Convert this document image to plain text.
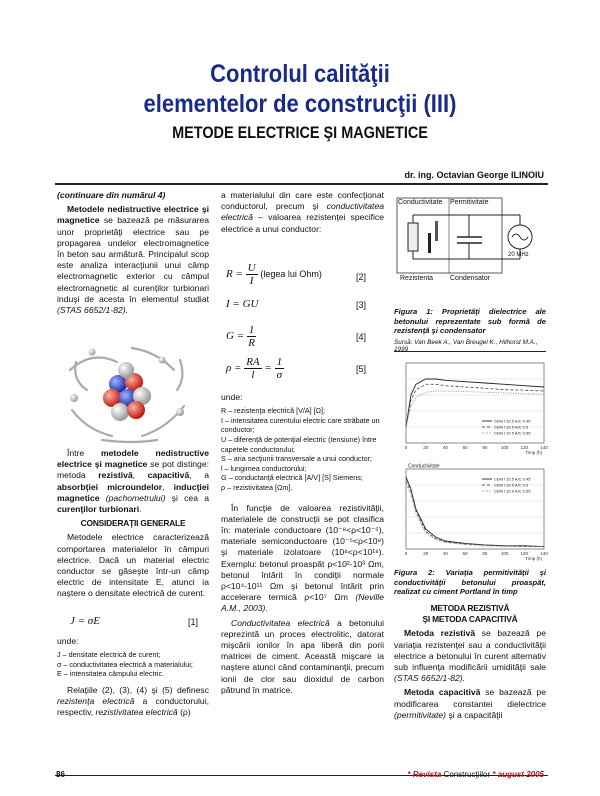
Controlul calităţii
elementelor de construcţii (III)
METODE ELECTRICE ŞI MAGNETICE
dr. ing. Octavian George ILINOIU

(continuare din numărul 4)

Metodele nedistructive electrice şi magnetice se bazează pe măsurarea unor proprietăţi electrice sau pe propagarea undelor electromagnetice în beton sau armătură. Principalul scop este analiza interacţiunii unui câmp electromagnetic exterior cu câmpul electromagnetic al curenţilor turbionari induşi de acesta în elementul studiat (STAS 6652/1-82).

Între metodele nedistructive electrice şi magnetice se pot distinge: metoda rezistivă, capacitivă, a absorbţiei microundelor, inducţiei magnetice (pachometrului) şi cea a curenţilor turbionari.

CONSIDERAŢII GENERALE

Metodele electrice caracterizează comportarea materialelor în câmpuri electrice. Dacă un material electric conductor se găseşte într-un câmp electric de intensitate E, atunci ia naştere o densitate electrică de curent.

J = σE	[1]

unde:

J – densitate electrică de curent;
σ – conductivitatea electrică a materialului;
E – intensitatea câmpului electric.

Relaţiile (2), (3), (4) şi (5) definesc rezistenţa electrică a conductorului, respectiv, rezistivitatea electrică (ρ)

a materialului din care este confecţionat conductorul, precum şi conductivitatea electrică – valoarea rezistenţei specifice electrice a unui conductor:

$R = \frac{U}{I}$ (legea lui Ohm)	[2]
I = GU	[3]
$G = \frac{1}{R}$	[4]
$\rho = \frac{RA}{l} = \frac{1}{\sigma}$	[5]

unde:

R – rezistenţa electrică [V/A] [Ω];
I – intensitatea curentului electric care străbate un conductor;
U – diferenţă de potenţial electric (tensiune) între capetele conductorului;
S – aria secţiunii transversale a unui conductor;
l – lungimea conductorului;
G – conductanţă electrică [A/V] [S] Siemens;
ρ – rezistivitatea [Ωm].

În funcţie de valoarea rezistivităţii, materialele de construcţii se pot clasifica în: materiale conductoare (10⁻⁸<ρ<10⁻⁵), materiale semiconductoare (10⁻⁵<ρ<10⁸) şi materiale izolatoare (10⁸<ρ<10¹⁸). Exemplu: betonul proaspăt ρ<10²-10³ Ωm, betonul întărit în condiţii normale ρ<10⁴-10¹¹ Ωm şi betonul întărit prin accelerare termică ρ<10⁷ Ωm (Neville A.M., 2003).

Conductivitatea electrică a betonului reprezintă un proces electrolitic, datorat mişcării ionilor în apa liberă din porii matricei de ciment. Această mişcare ia naştere atunci când contaminanţii, precum ionii de clor sau dioxidul de carbon pătrund în matrice.

Conductivitate Permitivitate
Rezistenta Condensator
20 MHz
Figura 1: Proprietăţi dielectrice ale betonului reprezentate sub formă de rezistenţă şi condensator
Sursă: Van Beek A., Van Breugel K., Hilhorst M.A., 1999
0	20	40	60	80	100	120	140
Timp (h)
CEM I 32.5 A/C 0.45
CEM I 32.5 A/C 0.5
CEM I 32.5 A/C 0.55
0	20	40	60	80	100	120	140
Timp (h)
Conductivitate
CEM I 32.5 A/C 0.45
CEM I 32.5 A/C 0.5
CEM I 32.5 A/C 0.55
Figura 2: Variaţia permitivităţii şi conductivităţii betonului proaspăt, realizat cu ciment Portland în timp
METODA REZISTIVĂ
ŞI METODA CAPACITIVĂ

Metoda rezistivă se bazează pe variaţia rezistenţei sau a conductivităţii electrice a betonului în curent alternativ sub influenţa modificării umidităţii sale (STAS 6652/1-82).

Metoda capacitivă se bazează pe modificarea constantei dielectrice (permitivitate) şi a capacităţii

86	* Revista Construcţiilor * august 2005
